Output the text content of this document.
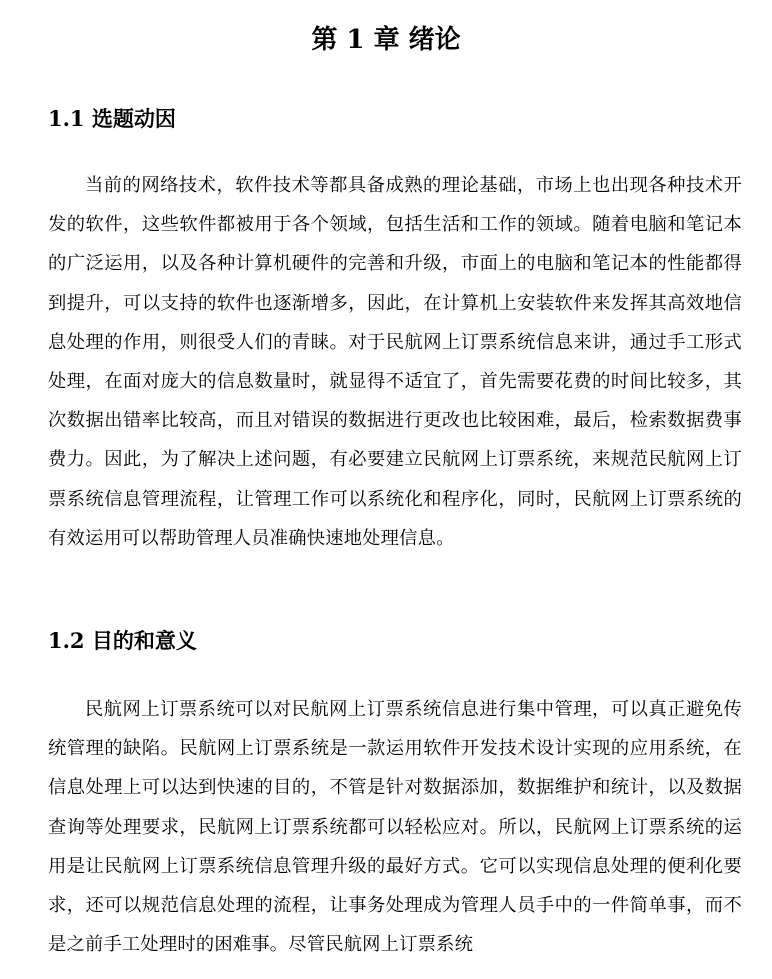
第 1 章 绪论
1.1 选题动因

当前的网络技术，软件技术等都具备成熟的理论基础，市场上也出现各种技术开发的软件，这些软件都被用于各个领域，包括生活和工作的领域。随着电脑和笔记本的广泛运用，以及各种计算机硬件的完善和升级，市面上的电脑和笔记本的性能都得到提升，可以支持的软件也逐渐增多，因此，在计算机上安装软件来发挥其高效地信息处理的作用，则很受人们的青睐。对于民航网上订票系统信息来讲，通过手工形式处理，在面对庞大的信息数量时，就显得不适宜了，首先需要花费的时间比较多，其次数据出错率比较高，而且对错误的数据进行更改也比较困难，最后，检索数据费事费力。因此，为了解决上述问题，有必要建立民航网上订票系统，来规范民航网上订票系统信息管理流程，让管理工作可以系统化和程序化，同时，民航网上订票系统的有效运用可以帮助管理人员准确快速地处理信息。

1.2 目的和意义

民航网上订票系统可以对民航网上订票系统信息进行集中管理，可以真正避免传统管理的缺陷。民航网上订票系统是一款运用软件开发技术设计实现的应用系统，在信息处理上可以达到快速的目的，不管是针对数据添加，数据维护和统计，以及数据查询等处理要求，民航网上订票系统都可以轻松应对。所以，民航网上订票系统的运用是让民航网上订票系统信息管理升级的最好方式。它可以实现信息处理的便利化要求，还可以规范信息处理的流程，让事务处理成为管理人员手中的一件简单事，而不是之前手工处理时的困难事。尽管民航网上订票系统
